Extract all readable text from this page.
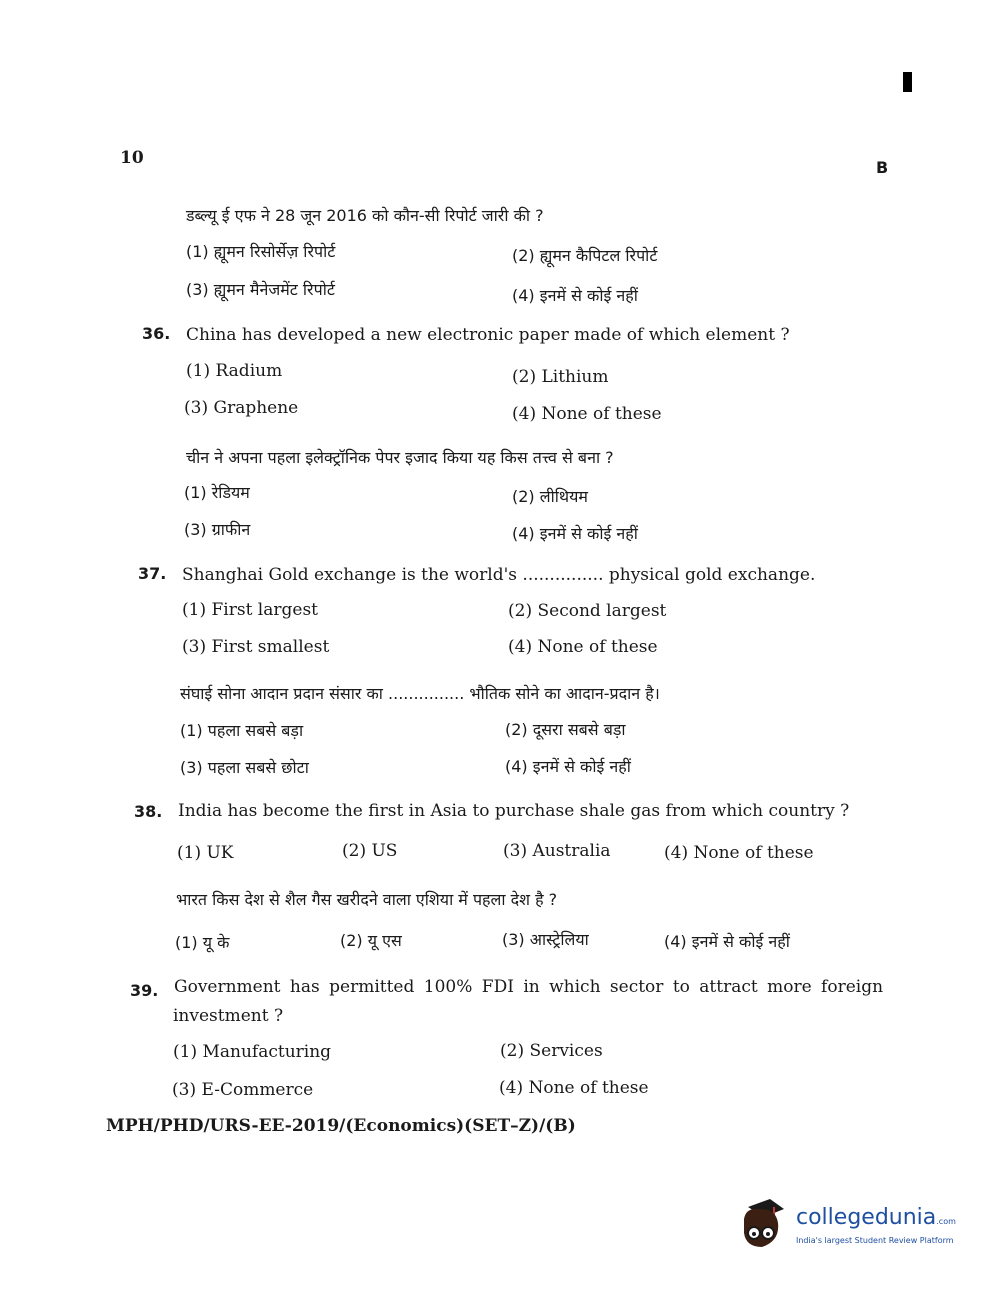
10	B
डब्ल्यू ई एफ ने 28 जून 2016 को कौन-सी रिपोर्ट जारी की ?
(1) ह्यूमन रिसोर्सेज़ रिपोर्ट	(2) ह्यूमन कैपिटल रिपोर्ट
(3) ह्यूमन मैनेजमेंट रिपोर्ट	(4) इनमें से कोई नहीं
36. China has developed a new electronic paper made of which element ?
(1) Radium	(2) Lithium
(3) Graphene	(4) None of these
चीन ने अपना पहला इलेक्ट्रॉनिक पेपर इजाद किया यह किस तत्त्व से बना ?
(1) रेडियम	(2) लीथियम
(3) ग्राफीन	(4) इनमें से कोई नहीं
37. Shanghai Gold exchange is the world's ............... physical gold exchange.
(1) First largest	(2) Second largest
(3) First smallest	(4) None of these
संघाई सोना आदान प्रदान संसार का ............... भौतिक सोने का आदान-प्रदान है।
(1) पहला सबसे बड़ा	(2) दूसरा सबसे बड़ा
(3) पहला सबसे छोटा	(4) इनमें से कोई नहीं
38. India has become the first in Asia to purchase shale gas from which country ?
(1) UK	(2) US	(3) Australia	(4) None of these
भारत किस देश से शैल गैस खरीदने वाला एशिया में पहला देश है ?
(1) यू के	(2) यू एस	(3) आस्ट्रेलिया	(4) इनमें से कोई नहीं
39. Government has permitted 100% FDI in which sector to attract more foreign
investment ?
(1) Manufacturing	(2) Services
(3) E-Commerce	(4) None of these
MPH/PHD/URS-EE-2019/(Economics)(SET–Z)/(B)
collegedunia.com
India's largest Student Review Platform
